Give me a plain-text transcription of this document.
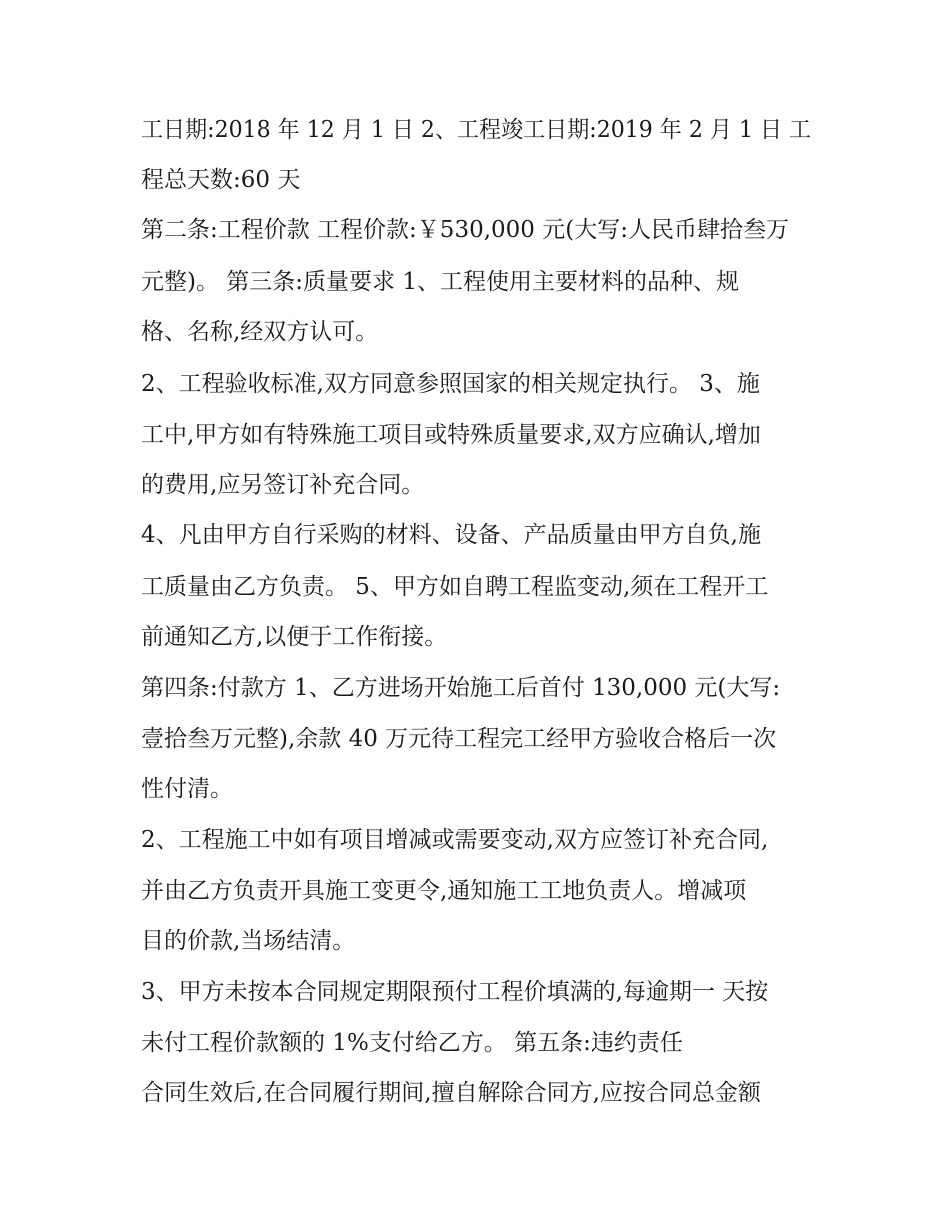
工日期:2018 年 12 月 1 日 2、工程竣工日期:2019 年 2 月 1 日 工

程总天数:60 天

第二条:工程价款 工程价款:￥530,000 元(大写:人民币肆拾叁万

元整)。 第三条:质量要求 1、工程使用主要材料的品种、规

格、名称,经双方认可。

2、工程验收标准,双方同意参照国家的相关规定执行。 3、施

工中,甲方如有特殊施工项目或特殊质量要求,双方应确认,增加

的费用,应另签订补充合同。

4、凡由甲方自行采购的材料、设备、产品质量由甲方自负,施

工质量由乙方负责。 5、甲方如自聘工程监变动,须在工程开工

前通知乙方,以便于工作衔接。

第四条:付款方 1、乙方进场开始施工后首付 130,000 元(大写:

壹拾叁万元整),余款 40 万元待工程完工经甲方验收合格后一次

性付清。

2、工程施工中如有项目增减或需要变动,双方应签订补充合同,

并由乙方负责开具施工变更令,通知施工工地负责人。增减项

目的价款,当场结清。

3、甲方未按本合同规定期限预付工程价填满的,每逾期一 天按

未付工程价款额的 1%支付给乙方。 第五条:违约责任

合同生效后,在合同履行期间,擅自解除合同方,应按合同总金额
